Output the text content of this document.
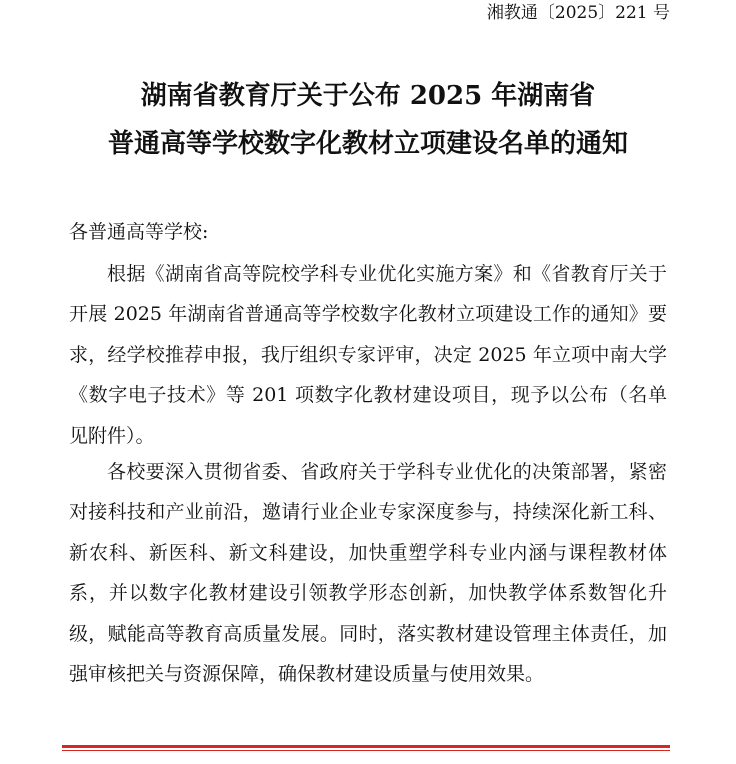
湘教通〔2025〕221 号
湖南省教育厅关于公布 2025 年湖南省
普通高等学校数字化教材立项建设名单的通知
各普通高等学校:

根据《湖南省高等院校学科专业优化实施方案》和《省教育厅关于开展 2025 年湖南省普通高等学校数字化教材立项建设工作的通知》要求，经学校推荐申报，我厅组织专家评审，决定 2025 年立项中南大学《数字电子技术》等 201 项数字化教材建设项目，现予以公布（名单见附件）。

各校要深入贯彻省委、省政府关于学科专业优化的决策部署，紧密对接科技和产业前沿，邀请行业企业专家深度参与，持续深化新工科、新农科、新医科、新文科建设，加快重塑学科专业内涵与课程教材体系，并以数字化教材建设引领教学形态创新，加快教学体系数智化升级，赋能高等教育高质量发展。同时，落实教材建设管理主体责任，加强审核把关与资源保障，确保教材建设质量与使用效果。
